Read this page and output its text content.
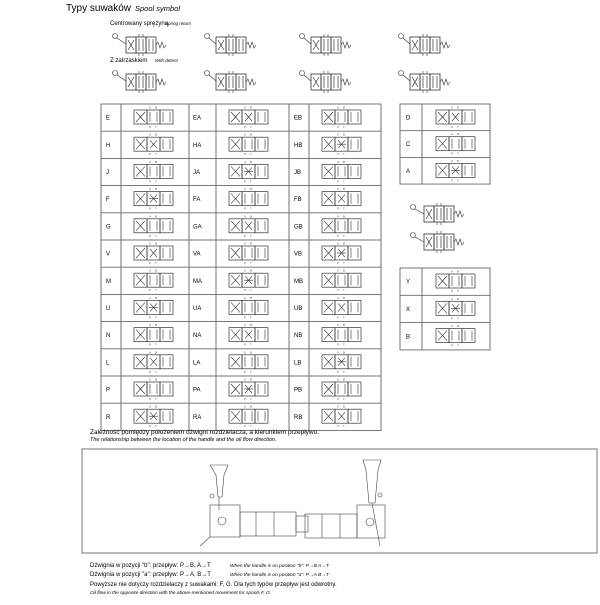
Typy suwaków Spool symbol
Centrowany sprężyną
Spring return
Z zatrzaskiem With detent
E
A B
P T
EA
A B
P T
EB
A B
P T
H
A B
P T
HA
A B
P T
HB
A B
P T
J
A B
P T
JA
A B
P T
JB
A B
P T
F
A B
P T
FA
A B
P T
FB
A B
P T
G
A B
P T
GA
A B
P T
GB
A B
P T
V
A B
P T
VA
A B
P T
VB
A B
P T
M
A B
P T
MA
A B
P T
MB
A B
P T
U
A B
P T
UA
A B
P T
UB
A B
P T
N
A B
P T
NA
A B
P T
NB
A B
P T
L
A B
P T
LA
A B
P T
LB
A B
P T
P
A B
P T
PA
A B
P T
PB
A B
P T
R
A B
P T
RA
A B
P T
RB
A B
P T
D
A B
P T
C
A B
P T
A
A B
P T
Y
A B
P T
X
A B
P T
B
A B
P T
Zależność pomiędzy położeniem dźwigni rozdzielacza, a kierunkiem przepływu.
The relationship between the location of the handle and the oil flow direction.
Dźwignia w pozycji "b": przepływ: P→B, A→T	When the handle is on position "b": P→B A→T
Dźwignia w pozycji "a": przepływ: P→A, B→T	When the handle is on position "a": P→A B→T
Powyższe nie dotyczy rozdzielaczy z suwakami: F, G. Dla tych typów przepływ jest odwrotny.
Oil flow in the opposite direction with the above-mentioned movement for spools F, G.
